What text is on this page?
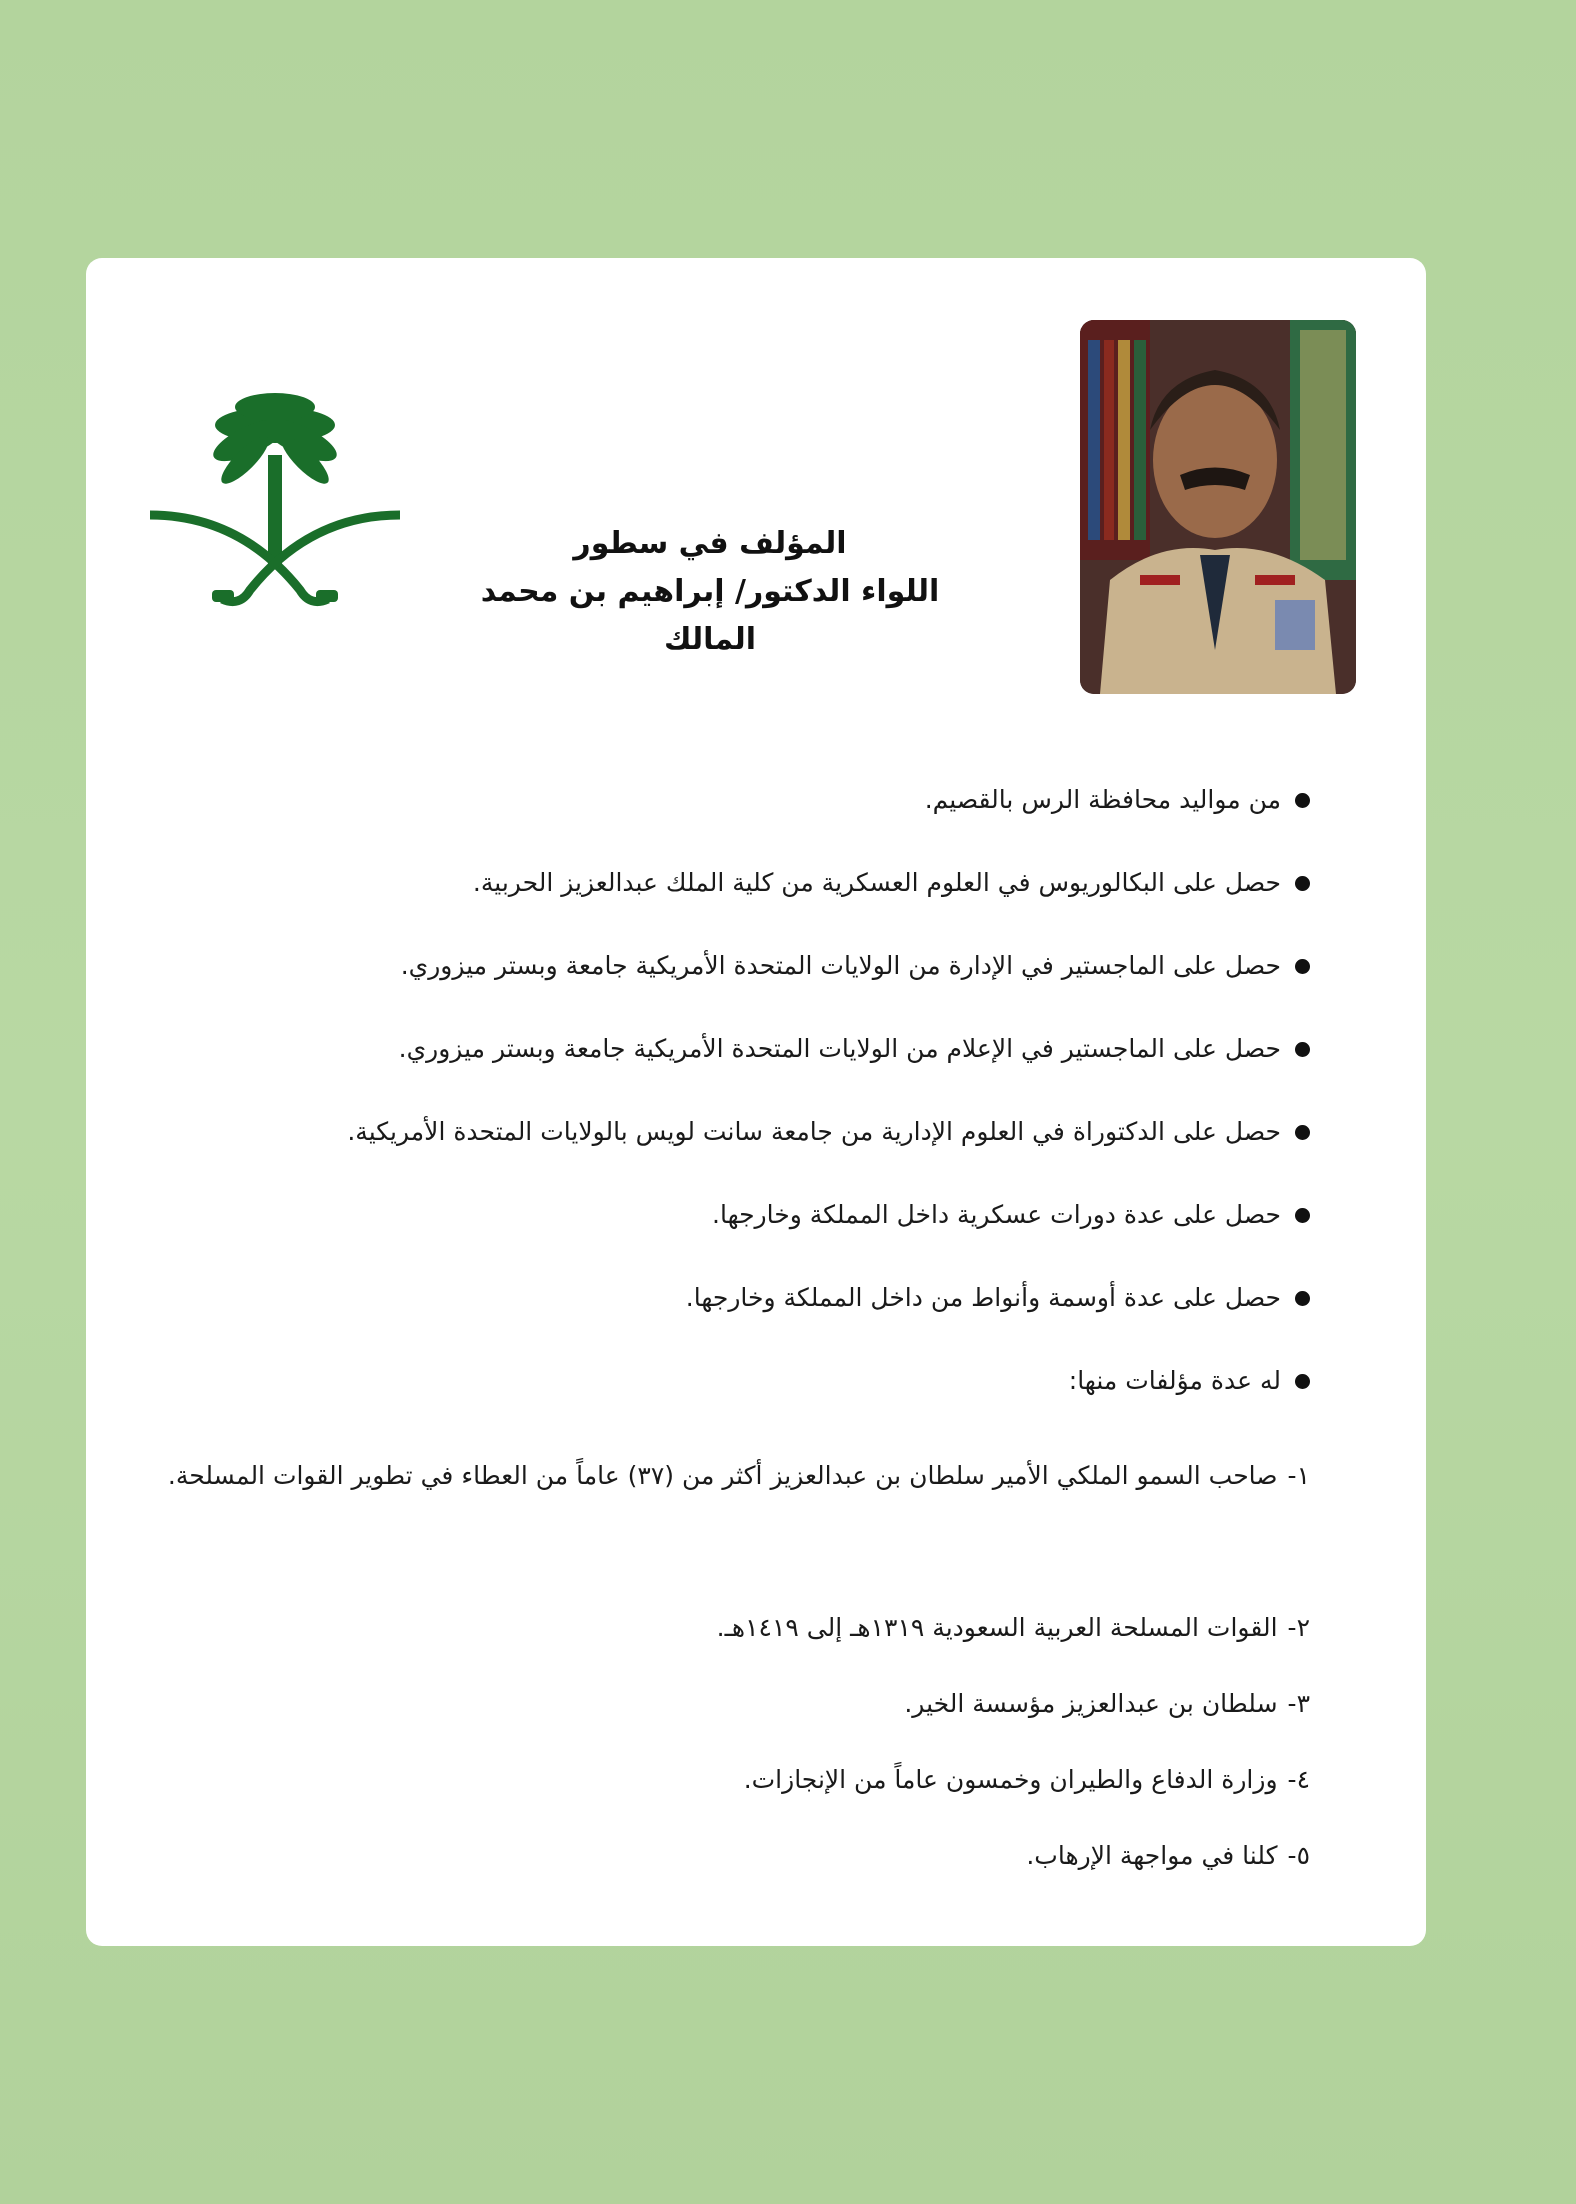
المؤلف في سطور
اللواء الدكتور/ إبراهيم بن محمد المالك
من مواليد محافظة الرس بالقصيم.
حصل على البكالوريوس في العلوم العسكرية من كلية الملك عبدالعزيز الحربية.
حصل على الماجستير في الإدارة من الولايات المتحدة الأمريكية جامعة وبستر ميزوري.
حصل على الماجستير في الإعلام من الولايات المتحدة الأمريكية جامعة وبستر ميزوري.
حصل على الدكتوراة في العلوم الإدارية من جامعة سانت لويس بالولايات المتحدة الأمريكية.
حصل على عدة دورات عسكرية داخل المملكة وخارجها.
حصل على عدة أوسمة وأنواط من داخل المملكة وخارجها.
له عدة مؤلفات منها:
١-صاحب السمو الملكي الأمير سلطان بن عبدالعزيز أكثر من (٣٧) عاماً من العطاء في تطوير القوات المسلحة.
٢-القوات المسلحة العربية السعودية ١٣١٩هـ إلى ١٤١٩هـ.
٣-سلطان بن عبدالعزيز مؤسسة الخير.
٤-وزارة الدفاع والطيران وخمسون عاماً من الإنجازات.
٥-كلنا في مواجهة الإرهاب.
